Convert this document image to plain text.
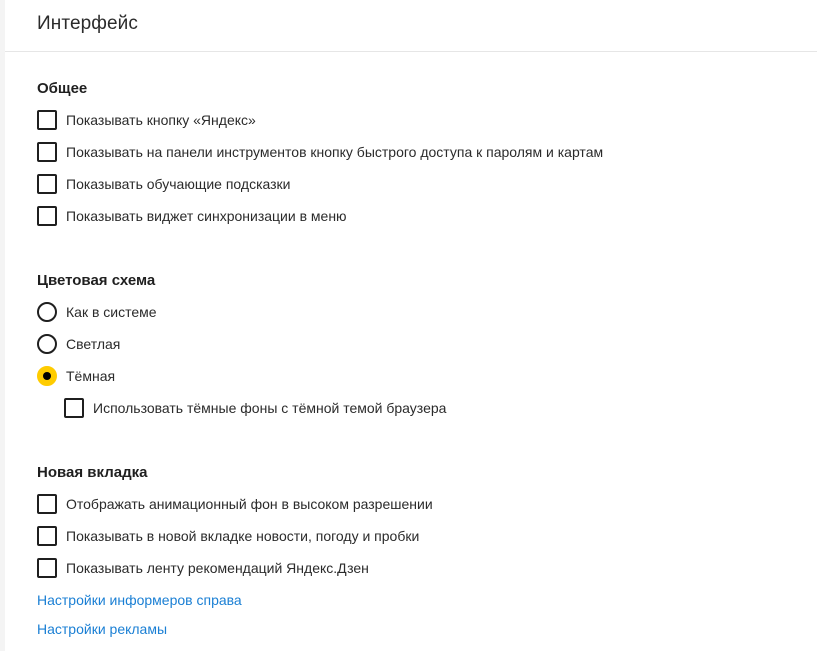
Интерфейс
Общее
Показывать кнопку «Яндекс»
Показывать на панели инструментов кнопку быстрого доступа к паролям и картам
Показывать обучающие подсказки
Показывать виджет синхронизации в меню
Цветовая схема
Как в системе
Светлая
Тёмная
Использовать тёмные фоны с тёмной темой браузера
Новая вкладка
Отображать анимационный фон в высоком разрешении
Показывать в новой вкладке новости, погоду и пробки
Показывать ленту рекомендаций Яндекс.Дзен
Настройки информеров справа
Настройки рекламы
